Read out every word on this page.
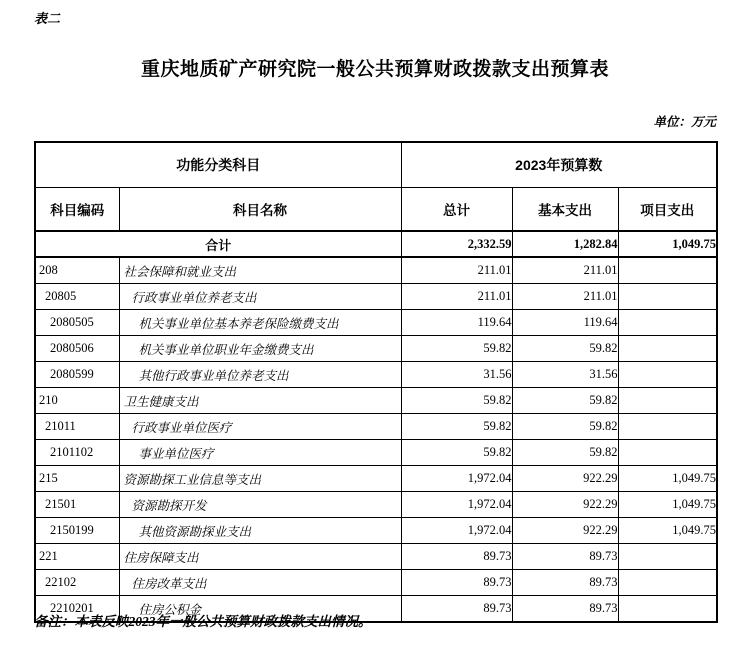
表二
重庆地质矿产研究院一般公共预算财政拨款支出预算表
单位：万元
功能分类科目		2023年预算数		
科目编码	科目名称	总计	基本支出	项目支出
合计		2,332.59	1,282.84	1,049.75
208	社会保障和就业支出	211.01	211.01	
20805	行政事业单位养老支出	211.01	211.01	
2080505	机关事业单位基本养老保险缴费支出	119.64	119.64	
2080506	机关事业单位职业年金缴费支出	59.82	59.82	
2080599	其他行政事业单位养老支出	31.56	31.56	
210	卫生健康支出	59.82	59.82	
21011	行政事业单位医疗	59.82	59.82	
2101102	事业单位医疗	59.82	59.82	
215	资源勘探工业信息等支出	1,972.04	922.29	1,049.75
21501	资源勘探开发	1,972.04	922.29	1,049.75
2150199	其他资源勘探业支出	1,972.04	922.29	1,049.75
221	住房保障支出	89.73	89.73	
22102	住房改革支出	89.73	89.73	
2210201	住房公积金	89.73	89.73	
备注：本表反映2023年一般公共预算财政拨款支出情况。
